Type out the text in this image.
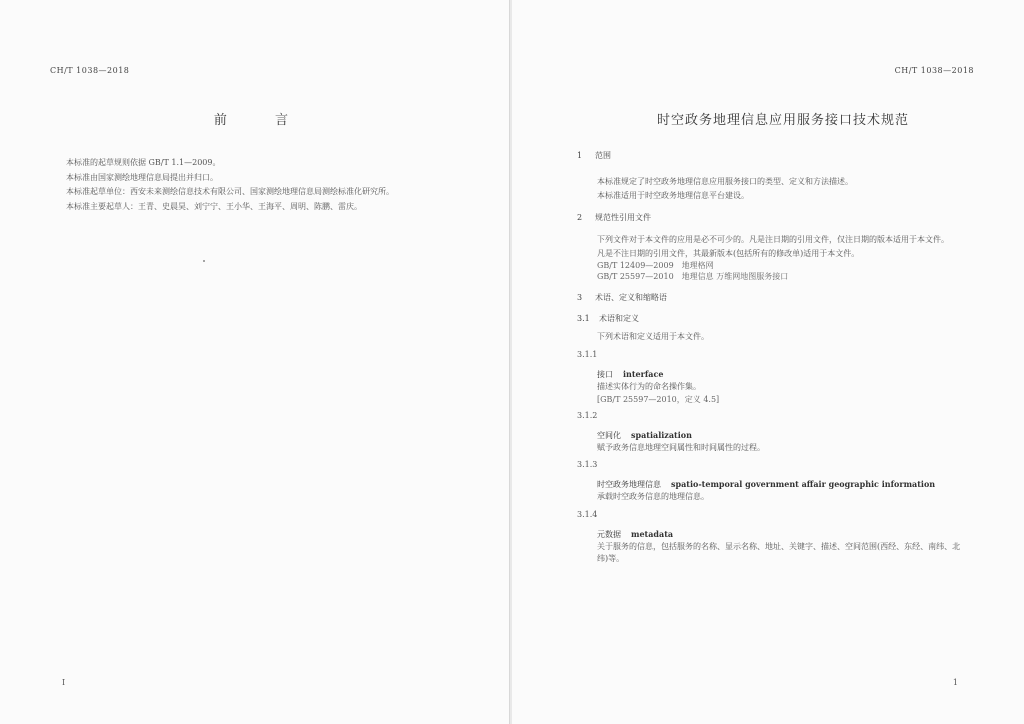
CH/T 1038—2018
前 言
本标准的起草规则依据 GB/T 1.1—2009。
本标准由国家测绘地理信息局提出并归口。
本标准起草单位：西安未来测绘信息技术有限公司、国家测绘地理信息局测绘标准化研究所。
本标准主要起草人：王青、史晨昊、刘宁宁、王小华、王海平、周明、陈鹏、雷庆。
I
CH/T 1038—2018
时空政务地理信息应用服务接口技术规范
1 范围
本标准规定了时空政务地理信息应用服务接口的类型、定义和方法描述。
本标准适用于时空政务地理信息平台建设。
2 规范性引用文件
下列文件对于本文件的应用是必不可少的。凡是注日期的引用文件，仅注日期的版本适用于本文件。
凡是不注日期的引用文件，其最新版本(包括所有的修改单)适用于本文件。
GB/T 12409—2009　地理格网
GB/T 25597—2010　地理信息 万维网地图服务接口
3 术语、定义和缩略语
3.1 术语和定义
下列术语和定义适用于本文件。
3.1.1
接口 interface
描述实体行为的命名操作集。
[GB/T 25597—2010，定义 4.5]
3.1.2
空间化 spatialization
赋予政务信息地理空间属性和时间属性的过程。
3.1.3
时空政务地理信息 spatio-temporal government affair geographic information
承载时空政务信息的地理信息。
3.1.4
元数据 metadata
关于服务的信息，包括服务的名称、显示名称、地址、关键字、描述、空间范围(西经、东经、南纬、北
纬)等。
1
